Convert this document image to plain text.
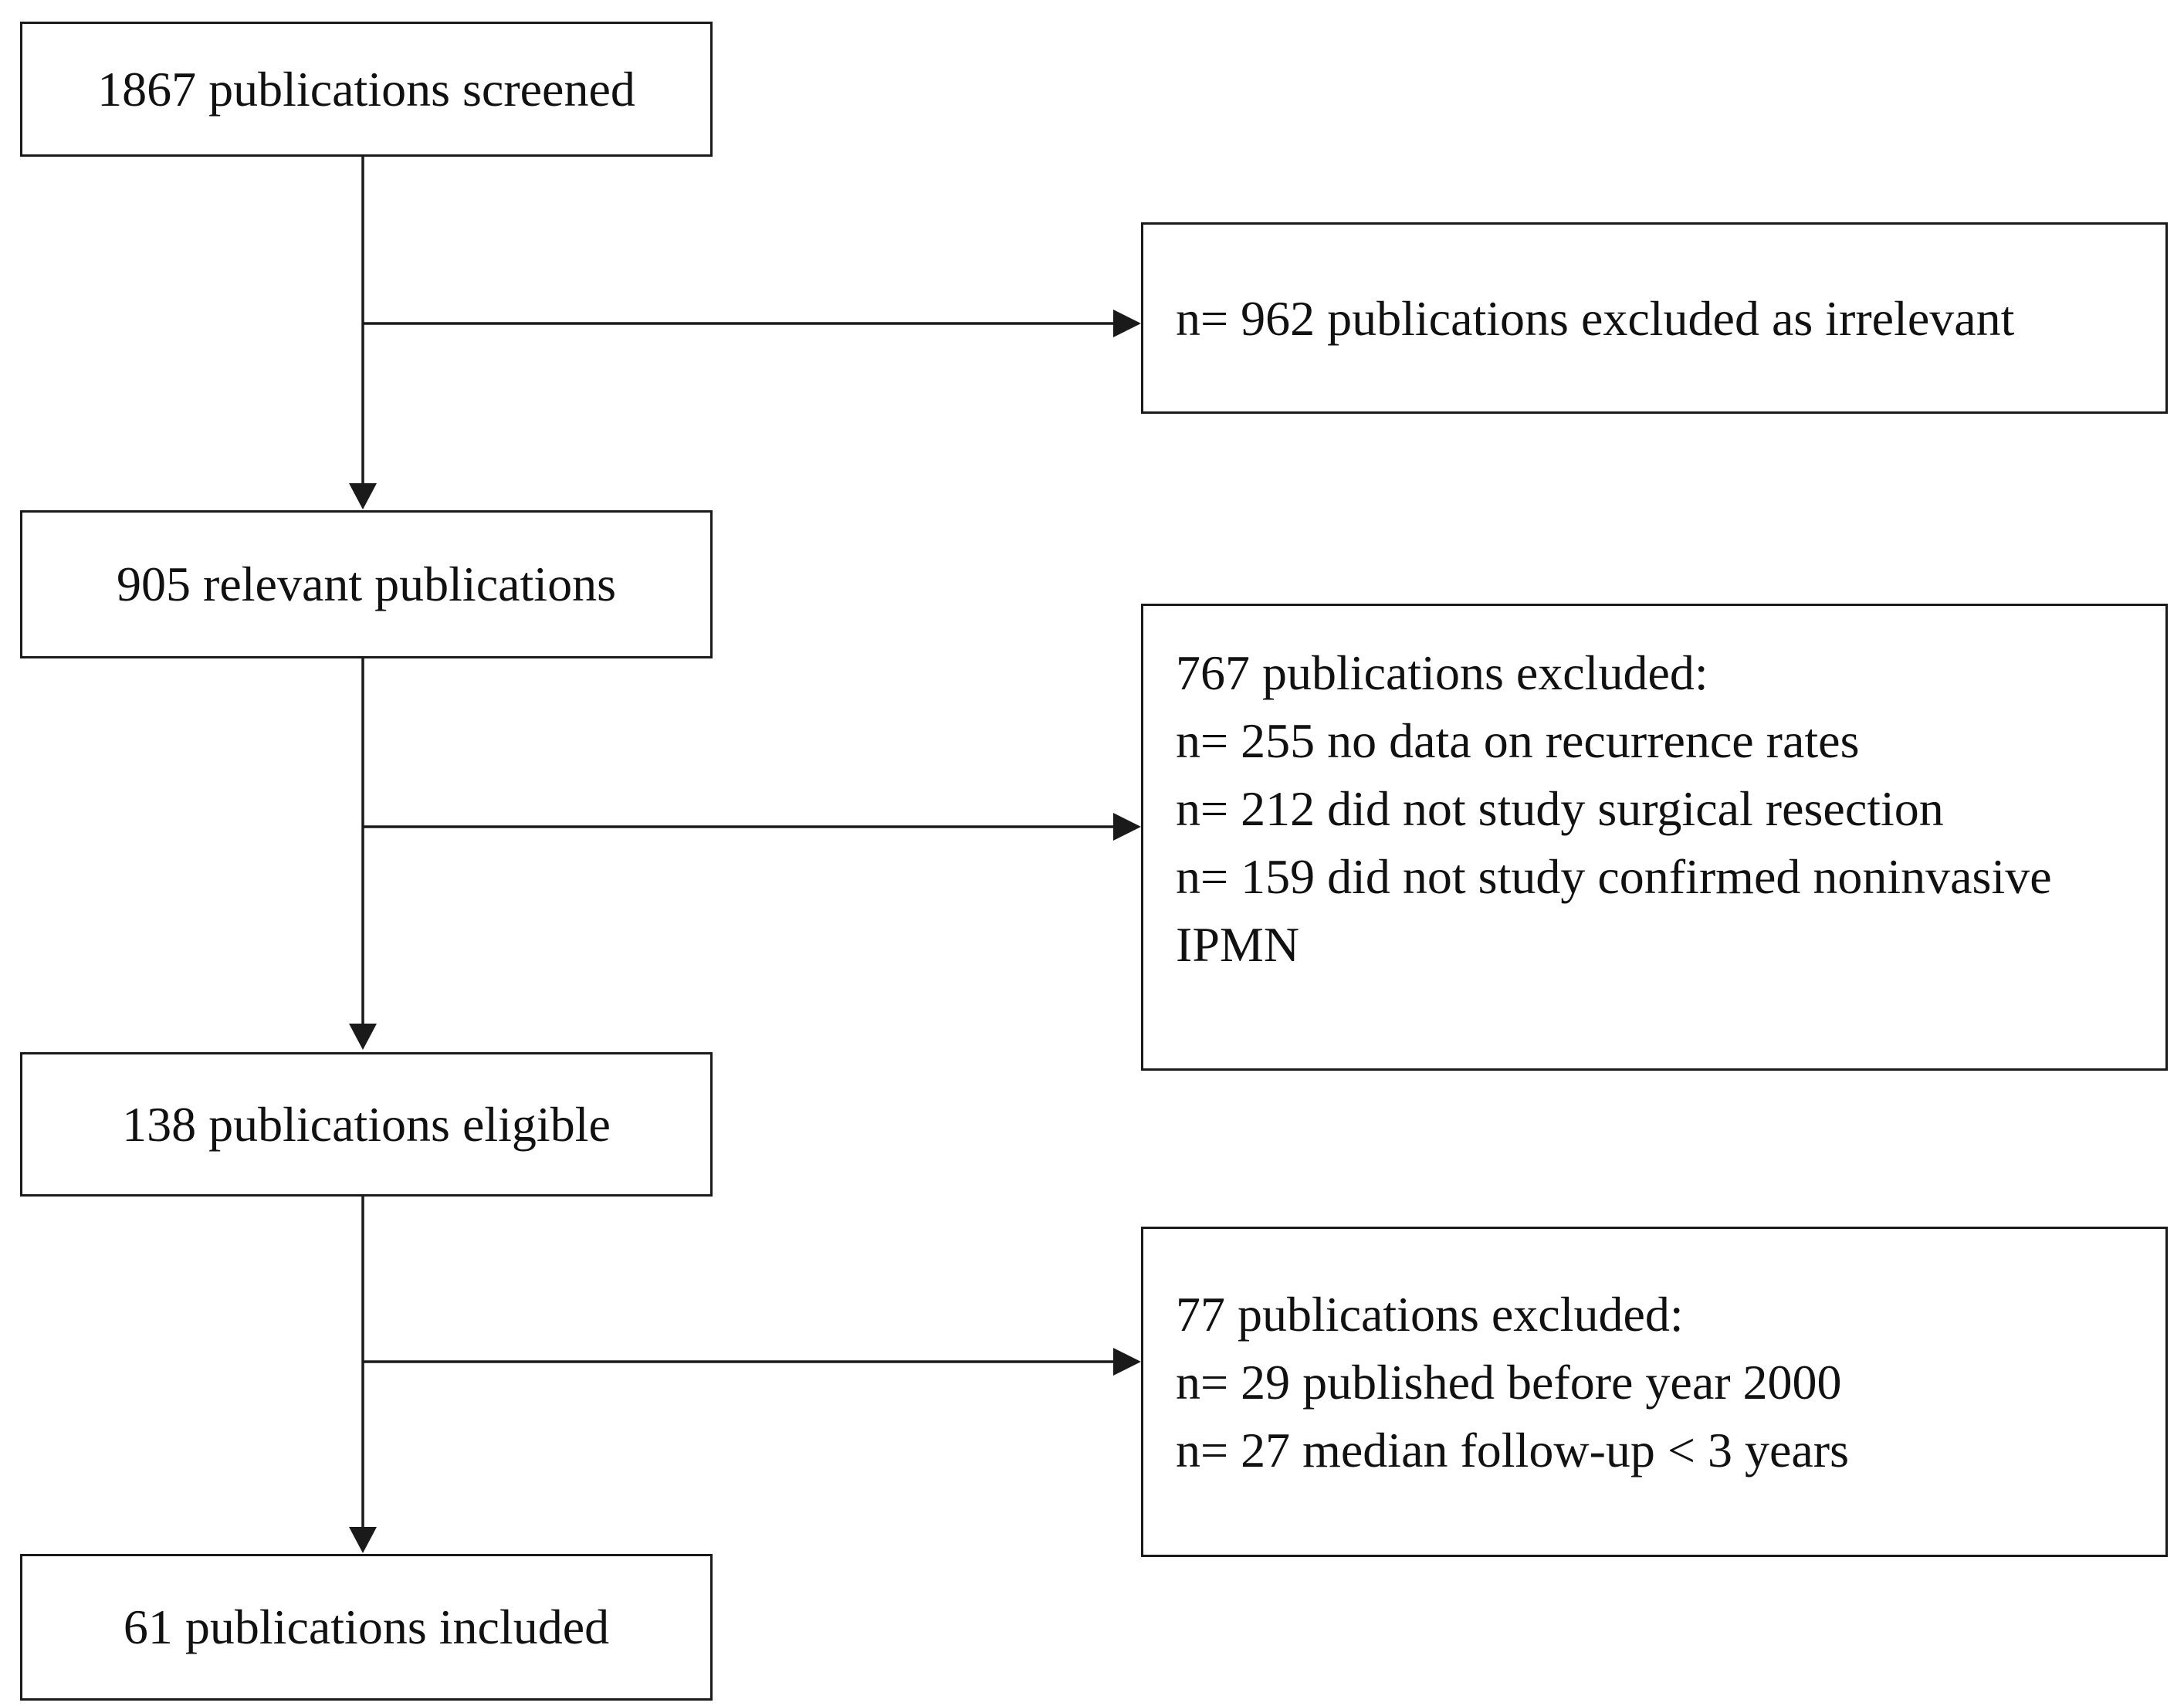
1867 publications screened
905 relevant publications
138 publications eligible
61 publications included
n= 962 publications excluded as irrelevant
767 publications excluded:
n= 255 no data on recurrence rates
n= 212 did not study surgical resection
n= 159 did not study confirmed noninvasive
IPMN
77 publications excluded:
n= 29 published before year 2000
n= 27 median follow-up < 3 years
